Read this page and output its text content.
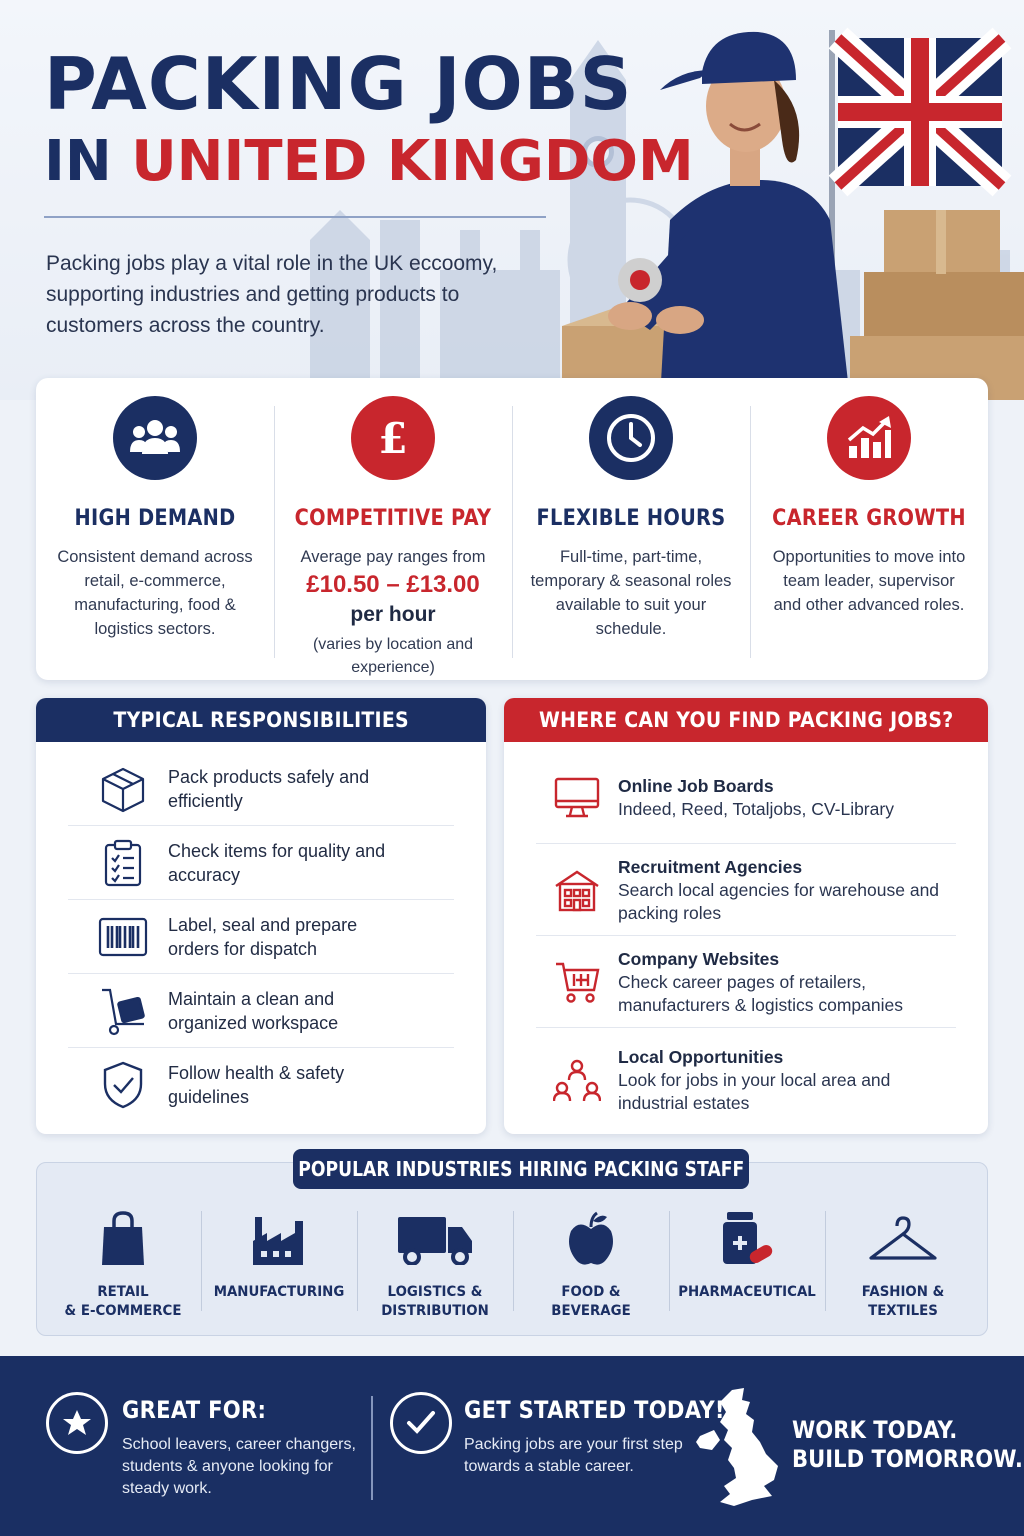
PACKING JOBS
IN UNITED KINGDOM

Packing jobs play a vital role in the UK eccoomy, supporting industries and getting products to customers across the country.

HIGH DEMAND

Consistent demand across retail, e-commerce, manufacturing, food & logistics sectors.

£
COMPETITIVE PAY

Average pay ranges from
£10.50 – £13.00
per hour
(varies by location and experience)

FLEXIBLE HOURS

Full-time, part-time, temporary & seasonal roles available to suit your schedule.

CAREER GROWTH

Opportunities to move into team leader, supervisor and other advanced roles.

TYPICAL RESPONSIBILITIES
Pack products safely and efficiently
Check items for quality and accuracy
Label, seal and prepare orders for dispatch
Maintain a clean and organized workspace
Follow health & safety guidelines
WHERE CAN YOU FIND PACKING JOBS?
Online Job Boards
Indeed, Reed, Totaljobs, CV-Library
Recruitment Agencies
Search local agencies for warehouse and packing roles
Company Websites
Check career pages of retailers, manufacturers & logistics companies
Local Opportunities
Look for jobs in your local area and industrial estates
POPULAR INDUSTRIES HIRING PACKING STAFF
RETAIL
& E-COMMERCE
MANUFACTURING	LOGISTICS &
DISTRIBUTION
FOOD &
BEVERAGE
PHARMACEUTICAL	FASHION &
TEXTILES
GREAT FOR:
School leavers, career changers, students & anyone looking for steady work.
GET STARTED TODAY!
Packing jobs are your first step towards a stable career.
WORK TODAY.
BUILD TOMORROW.
